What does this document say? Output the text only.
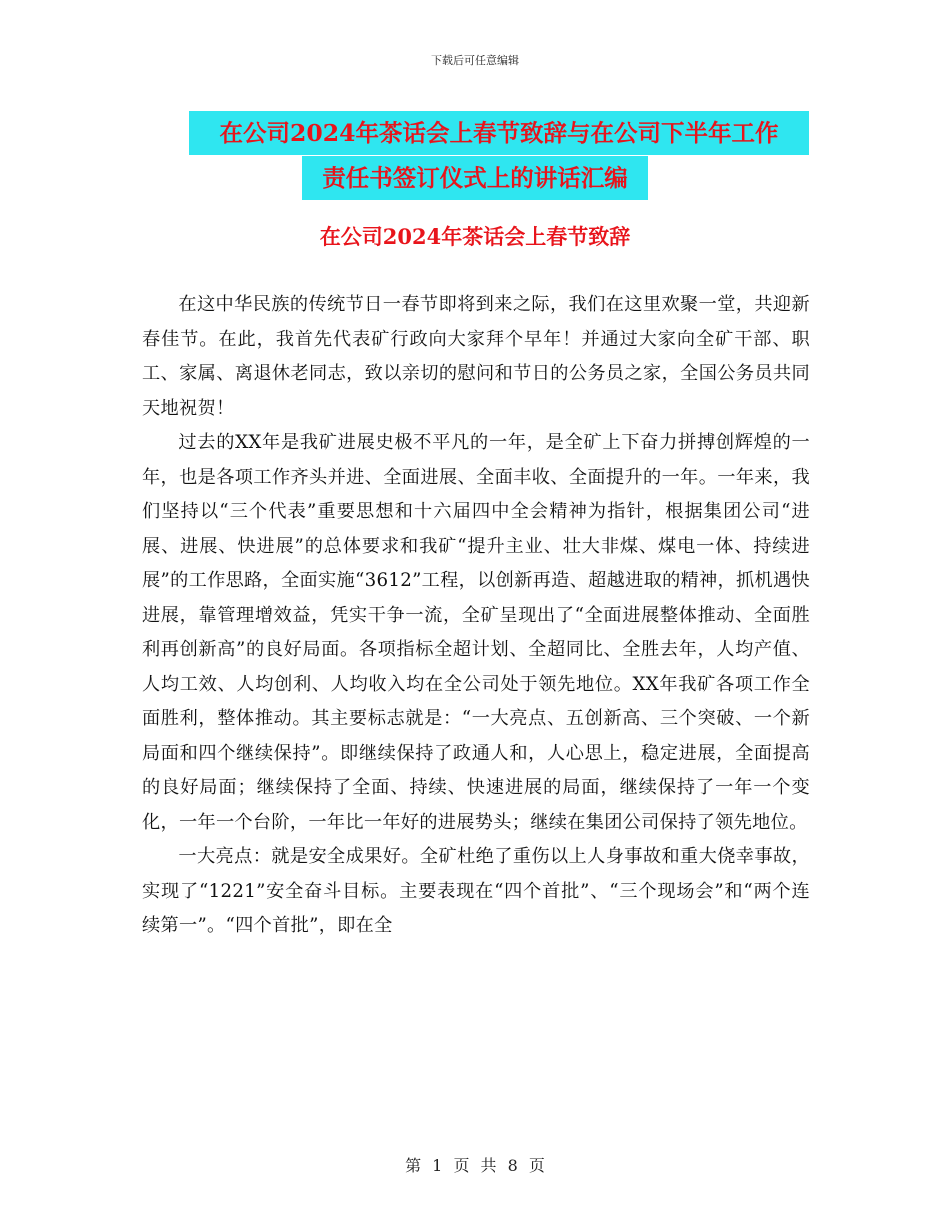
下载后可任意编辑
在公司2024年茶话会上春节致辞与在公司下半年工作
责任书签订仪式上的讲话汇编
在公司2024年茶话会上春节致辞

在这中华民族的传统节日一春节即将到来之际，我们在这里欢聚一堂，共迎新春佳节。在此，我首先代表矿行政向大家拜个早年！并通过大家向全矿干部、职工、家属、离退休老同志，致以亲切的慰问和节日的公务员之家，全国公务员共同天地祝贺！

过去的XX年是我矿进展史极不平凡的一年，是全矿上下奋力拼搏创辉煌的一年，也是各项工作齐头并进、全面进展、全面丰收、全面提升的一年。一年来，我们坚持以“三个代表”重要思想和十六届四中全会精神为指针，根据集团公司“进展、进展、快进展”的总体要求和我矿“提升主业、壮大非煤、煤电一体、持续进展”的工作思路，全面实施“3612”工程，以创新再造、超越进取的精神，抓机遇快进展，靠管理增效益，凭实干争一流，全矿呈现出了“全面进展整体推动、全面胜利再创新高”的良好局面。各项指标全超计划、全超同比、全胜去年，人均产值、人均工效、人均创利、人均收入均在全公司处于领先地位。XX年我矿各项工作全面胜利，整体推动。其主要标志就是：“一大亮点、五创新高、三个突破、一个新局面和四个继续保持”。即继续保持了政通人和，人心思上，稳定进展，全面提高的良好局面；继续保持了全面、持续、快速进展的局面，继续保持了一年一个变化，一年一个台阶，一年比一年好的进展势头；继续在集团公司保持了领先地位。

一大亮点：就是安全成果好。全矿杜绝了重伤以上人身事故和重大侥幸事故，实现了“1221”安全奋斗目标。主要表现在“四个首批”、“三个现场会”和“两个连续第一”。“四个首批”，即在全

第 1 页 共 8 页
